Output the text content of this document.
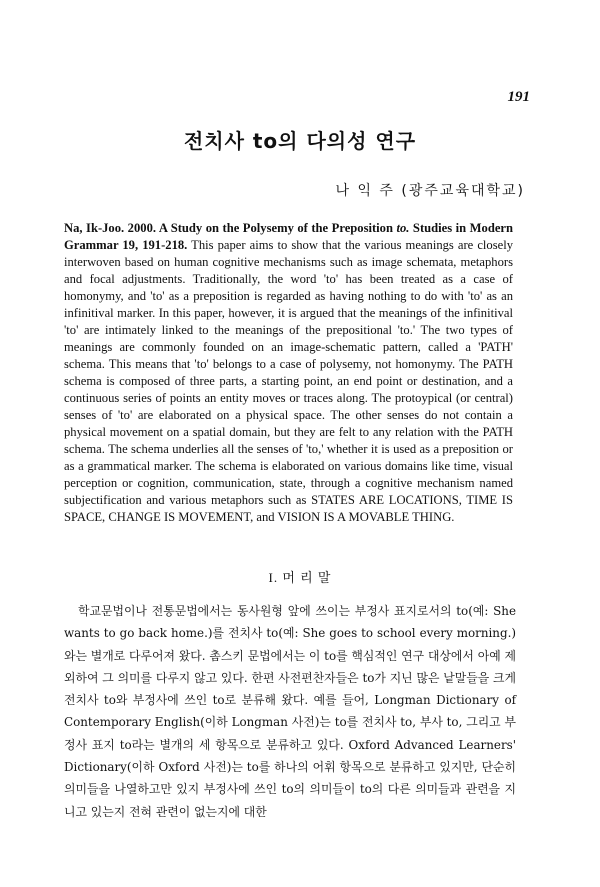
191
전치사 to의 다의성 연구
나 익 주 (광주교육대학교)
Na, Ik-Joo. 2000. A Study on the Polysemy of the Preposition to. Studies in Modern Grammar 19, 191-218. This paper aims to show that the various meanings are closely interwoven based on human cognitive mechanisms such as image schemata, metaphors and focal adjustments. Traditionally, the word 'to' has been treated as a case of homonymy, and 'to' as a preposition is regarded as having nothing to do with 'to' as an infinitival marker. In this paper, however, it is argued that the meanings of the infinitival 'to' are intimately linked to the meanings of the prepositional 'to.' The two types of meanings are commonly founded on an image-schematic pattern, called a 'PATH' schema. This means that 'to' belongs to a case of polysemy, not homonymy. The PATH schema is composed of three parts, a starting point, an end point or destination, and a continuous series of points an entity moves or traces along. The protoypical (or central) senses of 'to' are elaborated on a physical space. The other senses do not contain a physical movement on a spatial domain, but they are felt to any relation with the PATH schema. The schema underlies all the senses of 'to,' whether it is used as a preposition or as a grammatical marker. The schema is elaborated on various domains like time, visual perception or cognition, communication, state, through a cognitive mechanism named subjectification and various metaphors such as STATES ARE LOCATIONS, TIME IS SPACE, CHANGE IS MOVEMENT, and VISION IS A MOVABLE THING.
I. 머 리 말
학교문법이나 전통문법에서는 동사원형 앞에 쓰이는 부정사 표지로서의 to(예: She wants to go back home.)를 전치사 to(예: She goes to school every morning.)와는 별개로 다루어져 왔다. 촘스키 문법에서는 이 to를 핵심적인 연구 대상에서 아예 제외하여 그 의미를 다루지 않고 있다. 한편 사전편찬자들은 to가 지닌 많은 낱말들을 크게 전치사 to와 부정사에 쓰인 to로 분류해 왔다. 예를 들어, Longman Dictionary of Contemporary English(이하 Longman 사전)는 to를 전치사 to, 부사 to, 그리고 부정사 표지 to라는 별개의 세 항목으로 분류하고 있다. Oxford Advanced Learners' Dictionary(이하 Oxford 사전)는 to를 하나의 어휘 항목으로 분류하고 있지만, 단순히 의미들을 나열하고만 있지 부정사에 쓰인 to의 의미들이 to의 다른 의미들과 관련을 지니고 있는지 전혀 관련이 없는지에 대한
